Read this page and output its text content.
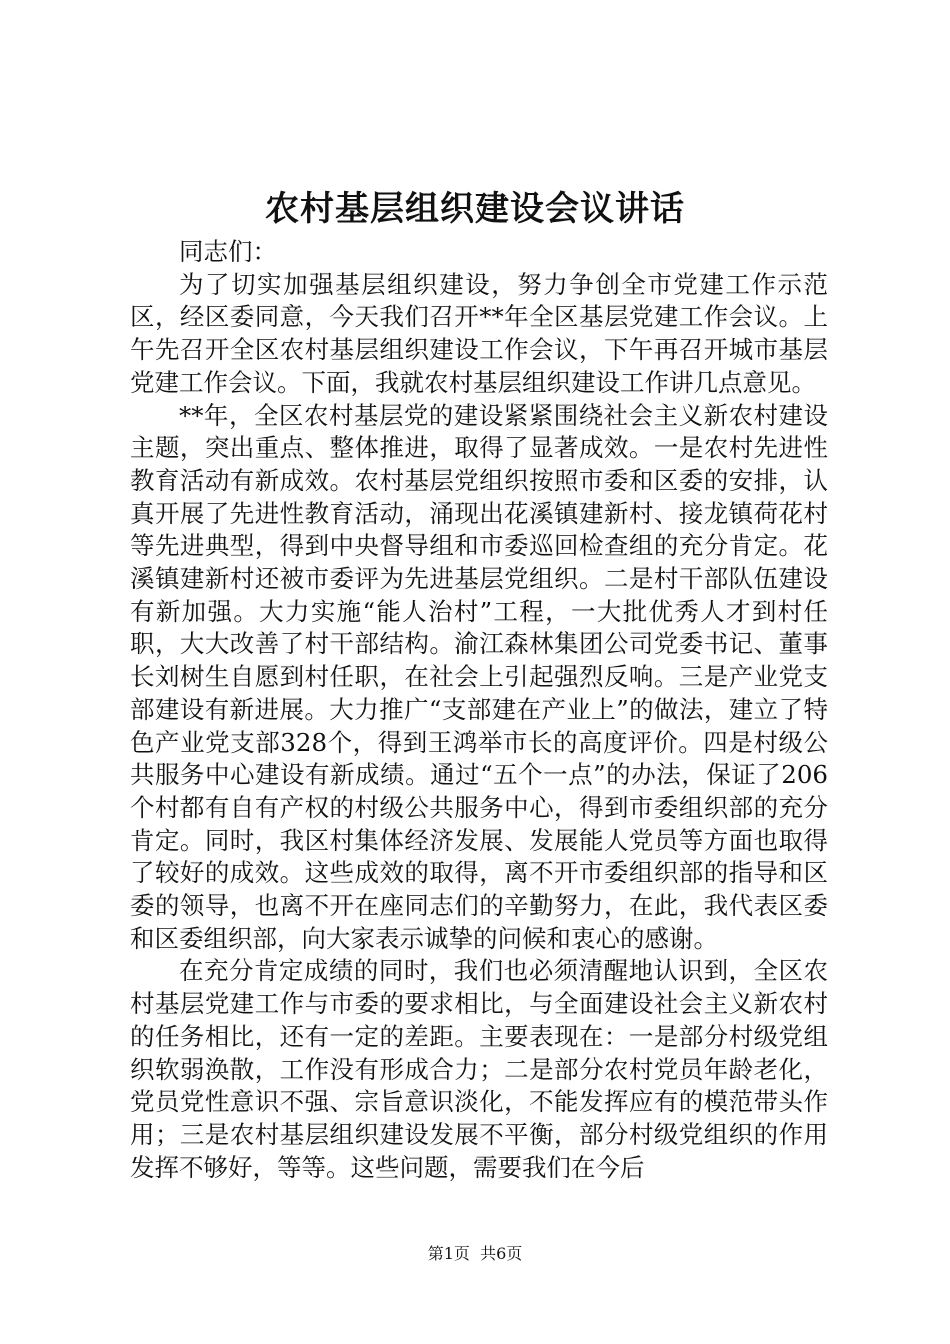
农村基层组织建设会议讲话

同志们：

为了切实加强基层组织建设，努力争创全市党建工作示范区，经区委同意，今天我们召开**年全区基层党建工作会议。上午先召开全区农村基层组织建设工作会议，下午再召开城市基层党建工作会议。下面，我就农村基层组织建设工作讲几点意见。

**年，全区农村基层党的建设紧紧围绕社会主义新农村建设主题，突出重点、整体推进，取得了显著成效。一是农村先进性教育活动有新成效。农村基层党组织按照市委和区委的安排，认真开展了先进性教育活动，涌现出花溪镇建新村、接龙镇荷花村等先进典型，得到中央督导组和市委巡回检查组的充分肯定。花溪镇建新村还被市委评为先进基层党组织。二是村干部队伍建设有新加强。大力实施“能人治村”工程，一大批优秀人才到村任职，大大改善了村干部结构。渝江森林集团公司党委书记、董事长刘树生自愿到村任职，在社会上引起强烈反响。三是产业党支部建设有新进展。大力推广“支部建在产业上”的做法，建立了特色产业党支部328个，得到王鸿举市长的高度评价。四是村级公共服务中心建设有新成绩。通过“五个一点”的办法，保证了206个村都有自有产权的村级公共服务中心，得到市委组织部的充分肯定。同时，我区村集体经济发展、发展能人党员等方面也取得了较好的成效。这些成效的取得，离不开市委组织部的指导和区委的领导，也离不开在座同志们的辛勤努力，在此，我代表区委和区委组织部，向大家表示诚挚的问候和衷心的感谢。

在充分肯定成绩的同时，我们也必须清醒地认识到，全区农村基层党建工作与市委的要求相比，与全面建设社会主义新农村的任务相比，还有一定的差距。主要表现在：一是部分村级党组织软弱涣散，工作没有形成合力；二是部分农村党员年龄老化，党员党性意识不强、宗旨意识淡化，不能发挥应有的模范带头作用；三是农村基层组织建设发展不平衡，部分村级党组织的作用发挥不够好，等等。这些问题，需要我们在今后

第1页  共6页
